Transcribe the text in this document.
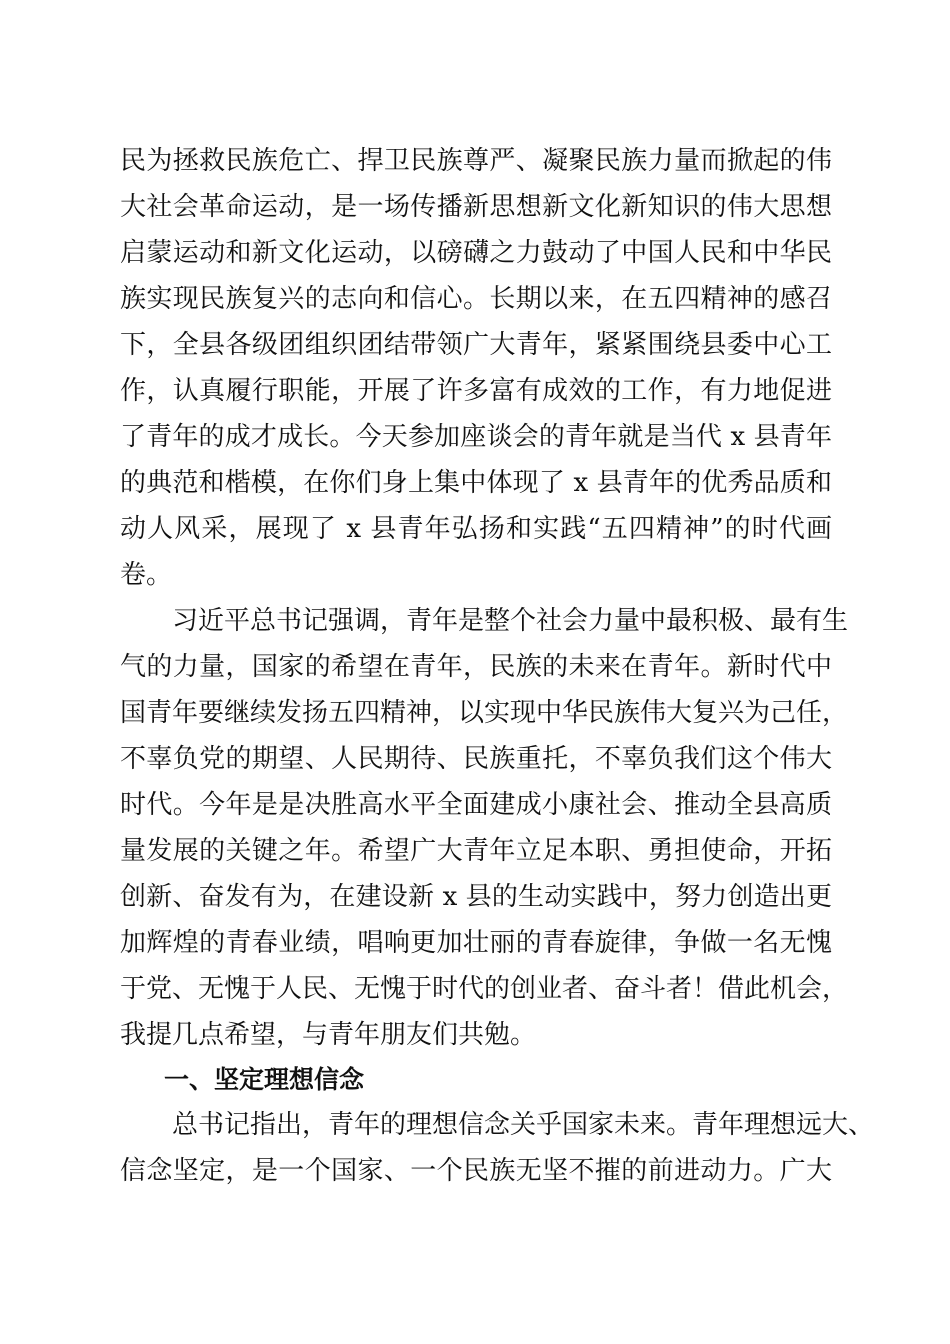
民为拯救民族危亡、捍卫民族尊严、凝聚民族力量而掀起的伟
大社会革命运动，是一场传播新思想新文化新知识的伟大思想
启蒙运动和新文化运动，以磅礴之力鼓动了中国人民和中华民
族实现民族复兴的志向和信心。长期以来，在五四精神的感召
下，全县各级团组织团结带领广大青年，紧紧围绕县委中心工
作，认真履行职能，开展了许多富有成效的工作，有力地促进
了青年的成才成长。今天参加座谈会的青年就是当代 x 县青年
的典范和楷模，在你们身上集中体现了 x 县青年的优秀品质和
动人风采，展现了 x 县青年弘扬和实践“五四精神”的时代画
卷。
习近平总书记强调，青年是整个社会力量中最积极、最有生
气的力量，国家的希望在青年，民族的未来在青年。新时代中
国青年要继续发扬五四精神，以实现中华民族伟大复兴为己任，
不辜负党的期望、人民期待、民族重托，不辜负我们这个伟大
时代。今年是是决胜高水平全面建成小康社会、推动全县高质
量发展的关键之年。希望广大青年立足本职、勇担使命，开拓
创新、奋发有为，在建设新 x 县的生动实践中，努力创造出更
加辉煌的青春业绩，唱响更加壮丽的青春旋律，争做一名无愧
于党、无愧于人民、无愧于时代的创业者、奋斗者！借此机会，
我提几点希望，与青年朋友们共勉。
一、坚定理想信念
总书记指出，青年的理想信念关乎国家未来。青年理想远大、
信念坚定，是一个国家、一个民族无坚不摧的前进动力。广大
